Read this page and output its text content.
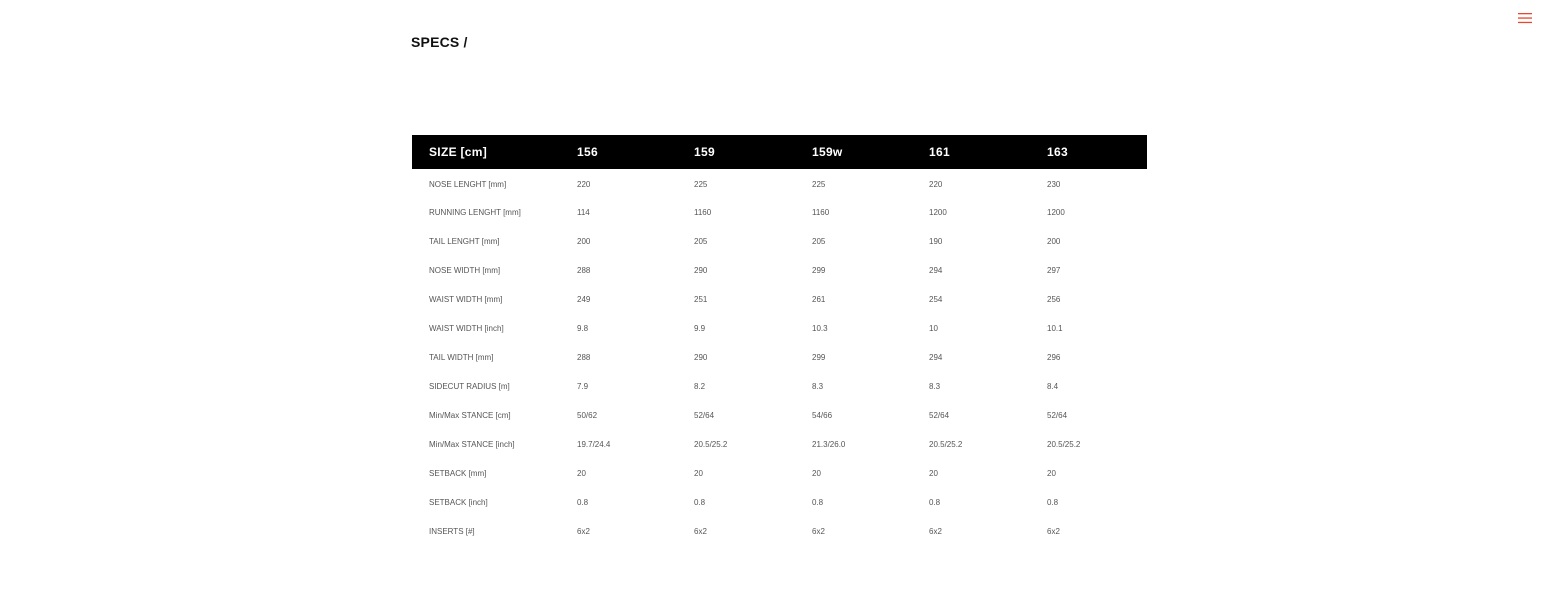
SPECS /
SIZE [cm]	156	159	159w	161	163
NOSE LENGHT [mm]	220	225	225	220	230
RUNNING LENGHT [mm]	114	1160	1160	1200	1200
TAIL LENGHT [mm]	200	205	205	190	200
NOSE WIDTH [mm]	288	290	299	294	297
WAIST WIDTH [mm]	249	251	261	254	256
WAIST WIDTH [inch]	9.8	9.9	10.3	10	10.1
TAIL WIDTH [mm]	288	290	299	294	296
SIDECUT RADIUS [m]	7.9	8.2	8.3	8.3	8.4
Min/Max STANCE [cm]	50/62	52/64	54/66	52/64	52/64
Min/Max STANCE [inch]	19.7/24.4	20.5/25.2	21.3/26.0	20.5/25.2	20.5/25.2
SETBACK [mm]	20	20	20	20	20
SETBACK [inch]	0.8	0.8	0.8	0.8	0.8
INSERTS [#]	6x2	6x2	6x2	6x2	6x2
